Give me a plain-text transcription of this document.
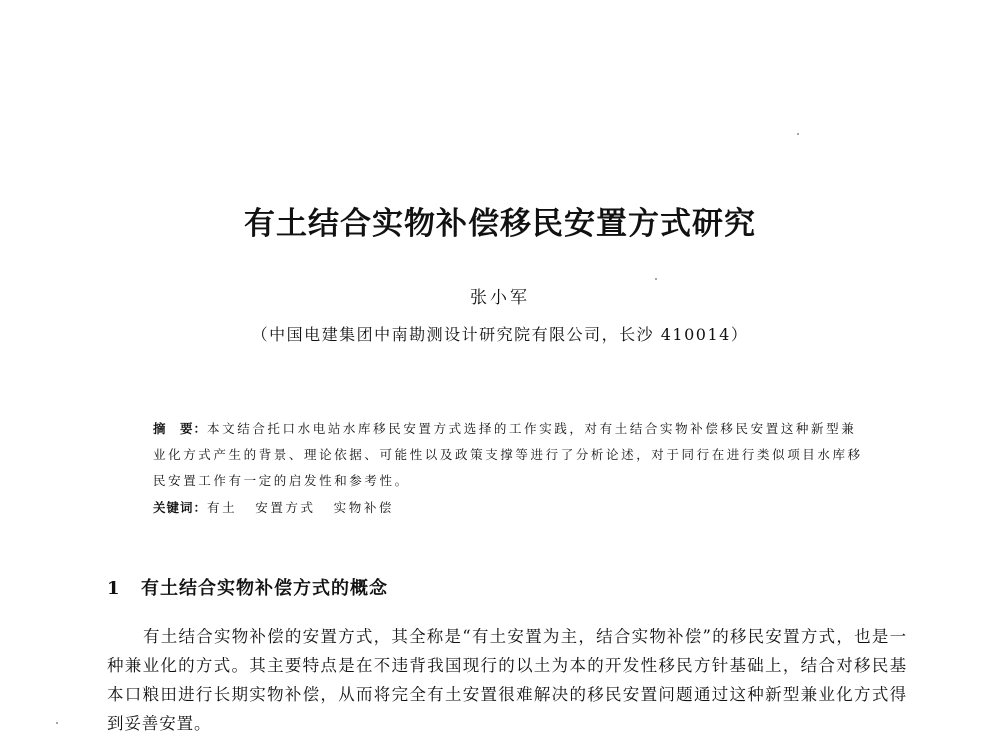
有土结合实物补偿移民安置方式研究
张小军
（中国电建集团中南勘测设计研究院有限公司，长沙 410014）
摘　要：本文结合托口水电站水库移民安置方式选择的工作实践，对有土结合实物补偿移民安置这种新型兼业化方式产生的背景、理论依据、可能性以及政策支撑等进行了分析论述，对于同行在进行类似项目水库移民安置工作有一定的启发性和参考性。
关键词：有土 安置方式 实物补偿
1 有土结合实物补偿方式的概念

有土结合实物补偿的安置方式，其全称是“有土安置为主，结合实物补偿”的移民安置方式，也是一种兼业化的方式。其主要特点是在不违背我国现行的以土为本的开发性移民方针基础上，结合对移民基本口粮田进行长期实物补偿，从而将完全有土安置很难解决的移民安置问题通过这种新型兼业化方式得到妥善安置。
